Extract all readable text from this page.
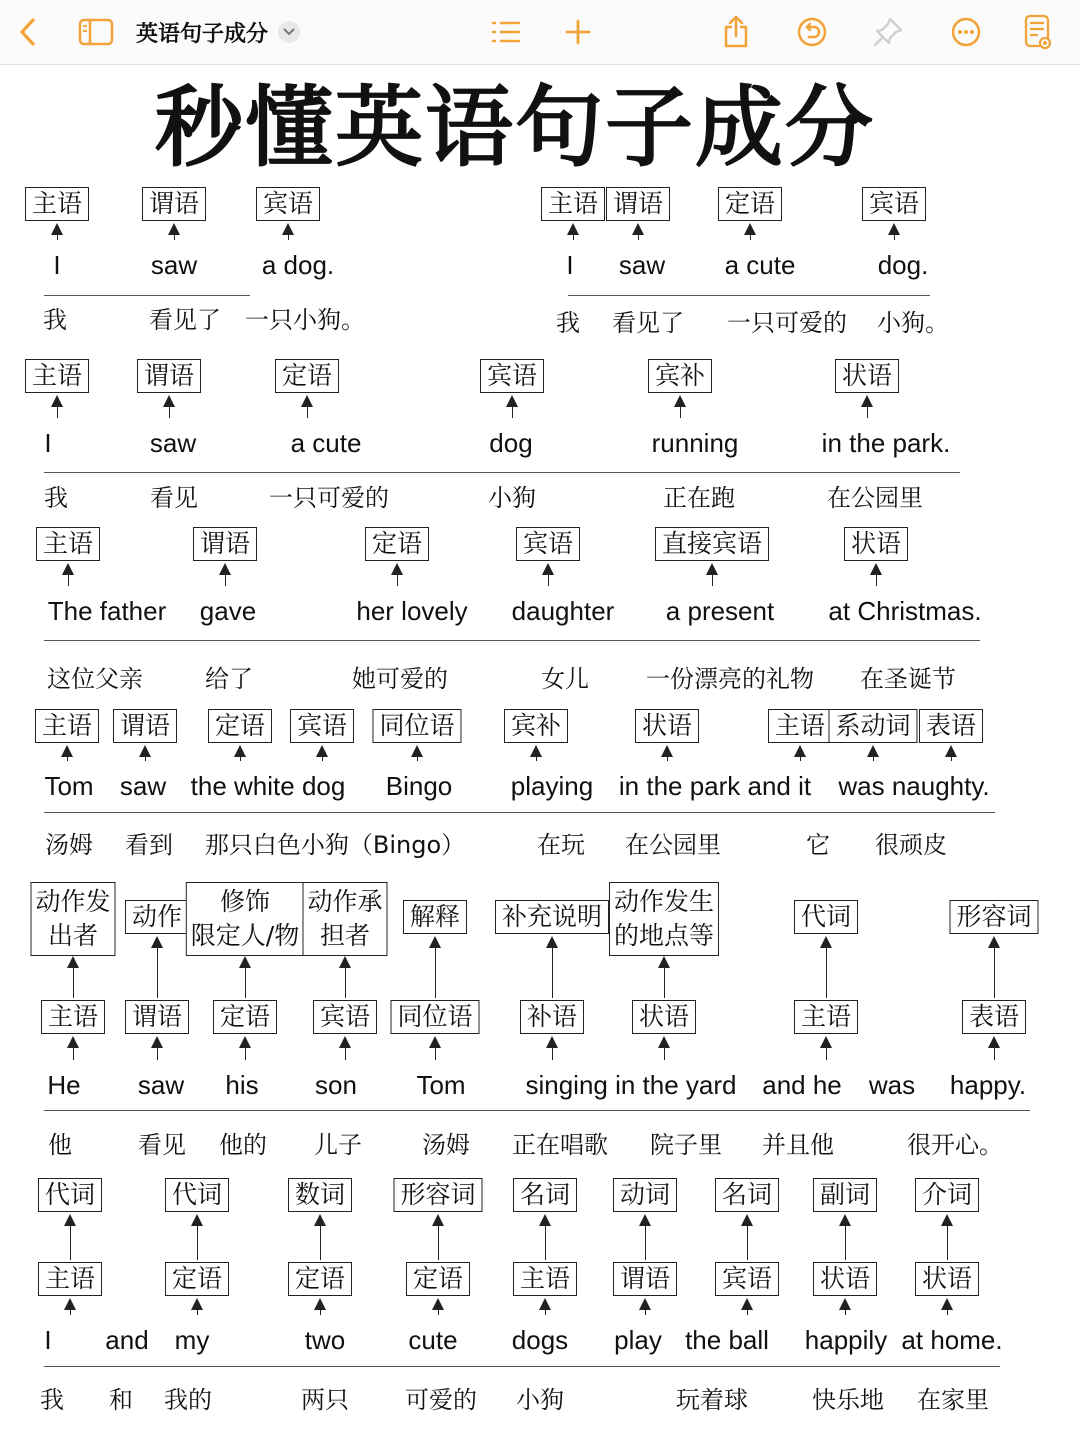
英语句子成分
秒懂英语句子成分
主语
I
我
谓语
saw
看见了
宾语
a dog.
一只小狗。
主语
I
我
谓语
saw
看见了
定语
a cute
一只可爱的
宾语
dog.
小狗。
主语
I
我
谓语
saw
看见
定语
a cute
一只可爱的
宾语
dog
小狗
宾补
running
正在跑
状语
in the park.
在公园里
主语
The father
这位父亲
谓语
gave
给了
定语
her lovely
她可爱的
宾语
daughter
女儿
直接宾语
a present
一份漂亮的礼物
状语
at Christmas.
在圣诞节
主语
Tom
汤姆
谓语
saw
看到
定语
the white dog
那只白色小狗（Bingo）
宾语 同位语
Bingo
宾补
playing
在玩
状语
in the park and it
在公园里
主语
它
系动词 表语
was naughty.
很顽皮
动作发
出者
主语
He
他
动作
谓语
saw
看见
修饰
限定人/物
定语
his
他的
动作承
担者
宾语
son
儿子
解释
同位语
Tom
汤姆
补充说明
补语
singing in the yard
正在唱歌
动作发生
的地点等
状语
院子里
代词
主语
and he
并且他
was
形容词
表语
happy.
很开心。
代词
主语
I
我
and
和
代词
定语
my
我的
数词
定语
two
两只
形容词
定语
cute
可爱的
名词
主语
dogs
小狗
动词
谓语
play
名词
宾语
the ball
玩着球
副词
状语
happily
快乐地
介词
状语
at home.
在家里
